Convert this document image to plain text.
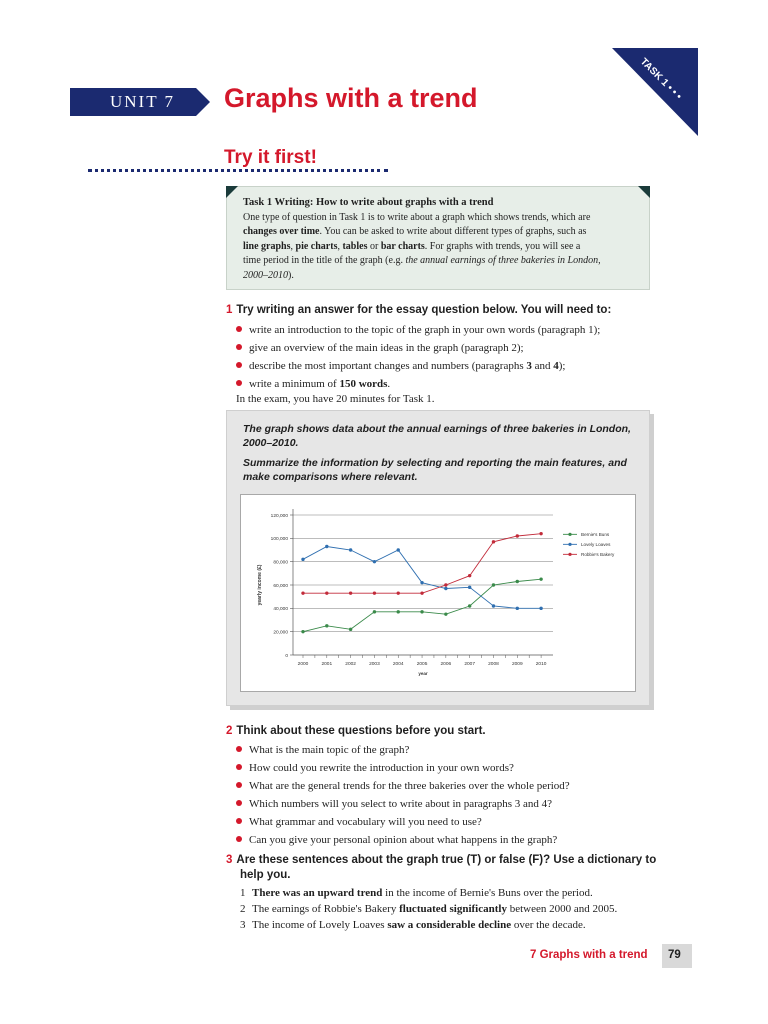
UNIT 7 Graphs with a trend	TASK 1 • • •
Try it first!
Task 1 Writing: How to write about graphs with a trend
One type of question in Task 1 is to write about a graph which shows trends, which are
changes over time. You can be asked to write about different types of graphs, such as
line graphs, pie charts, tables or bar charts. For graphs with trends, you will see a
time period in the title of the graph (e.g. the annual earnings of three bakeries in London,
2000–2010).
1 Try writing an answer for the essay question below. You will need to:
write an introduction to the topic of the graph in your own words (paragraph 1);
give an overview of the main ideas in the graph (paragraph 2);
describe the most important changes and numbers (paragraphs 3 and 4);
write a minimum of 150 words.
In the exam, you have 20 minutes for Task 1.
The graph shows data about the annual earnings of three bakeries in London, 2000–2010.
Summarize the information by selecting and reporting the main features, and make comparisons where relevant.
0
20,000
40,000
60,000
80,000
100,000
120,000
2000	2001	2002	2003	2004	2005	2006	2007	2008	2009	2010
year
yearly income (£)
Bernie's Buns
Lovely Loaves
Robbie's Bakery
2 Think about these questions before you start.
What is the main topic of the graph?
How could you rewrite the introduction in your own words?
What are the general trends for the three bakeries over the whole period?
Which numbers will you select to write about in paragraphs 3 and 4?
What grammar and vocabulary will you need to use?
Can you give your personal opinion about what happens in the graph?
3 Are these sentences about the graph true (T) or false (F)? Use a dictionary to
help you.
1 There was an upward trend in the income of Bernie's Buns over the period.
2 The earnings of Robbie's Bakery fluctuated significantly between 2000 and 2005.
3 The income of Lovely Loaves saw a considerable decline over the decade.
7 Graphs with a trend 79
